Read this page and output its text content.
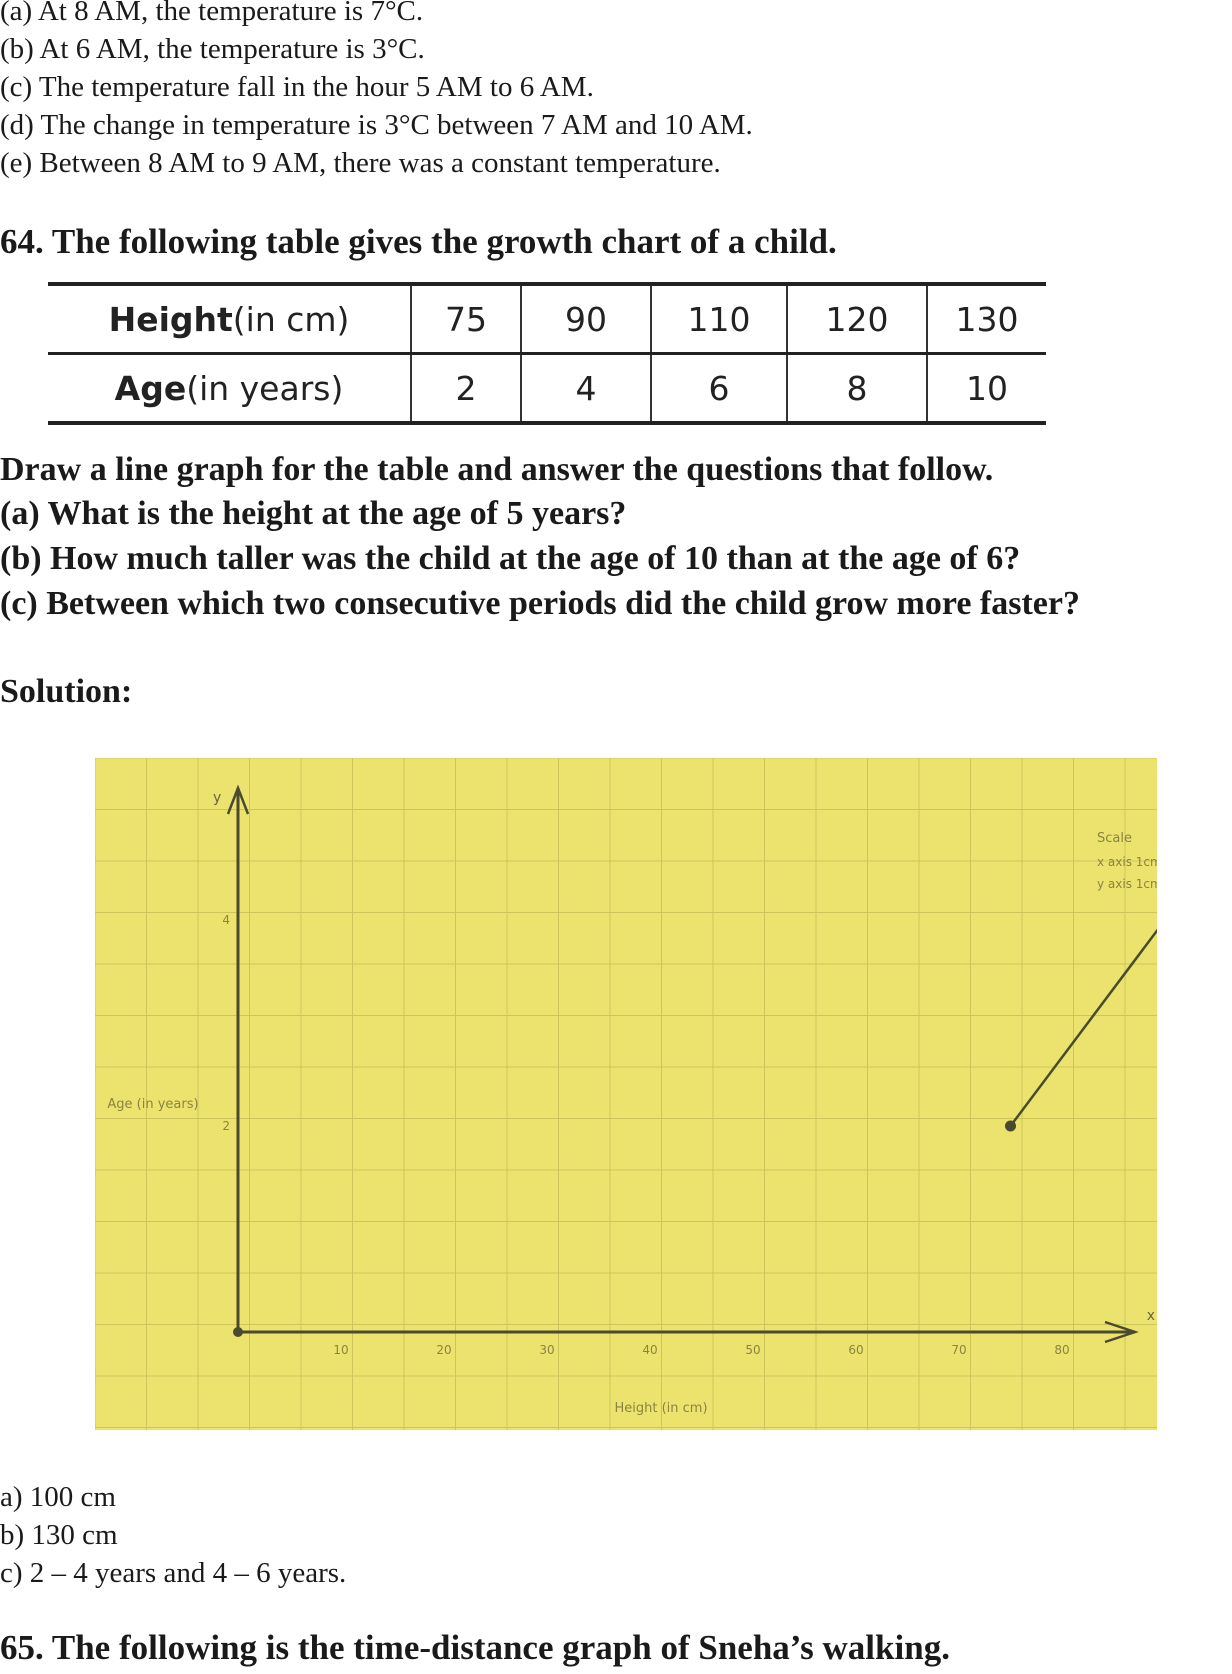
(a) At 8 AM, the temperature is 7°C.

(b) At 6 AM, the temperature is 3°C.

(c) The temperature fall in the hour 5 AM to 6 AM.

(d) The change in temperature is 3°C between 7 AM and 10 AM.

(e) Between 8 AM to 9 AM, there was a constant temperature.

64. The following table gives the growth chart of a child.

Height (in cm)	75	90	110	120	130
Age (in years)	2	4	6	8	10

Draw a line graph for the table and answer the questions that follow.

(a) What is the height at the age of 5 years?

(b) How much taller was the child at the age of 10 than at the age of 6?

(c) Between which two consecutive periods did the child grow more faster?

Solution:

10	20	30	40	50	60	70	80
2
4
Height (in cm)
Age (in years)
x
y
Scale
x axis 1cm
y axis 1cm

a) 100 cm

b) 130 cm

c) 2 – 4 years and 4 – 6 years.

65. The following is the time-distance graph of Sneha’s walking.
